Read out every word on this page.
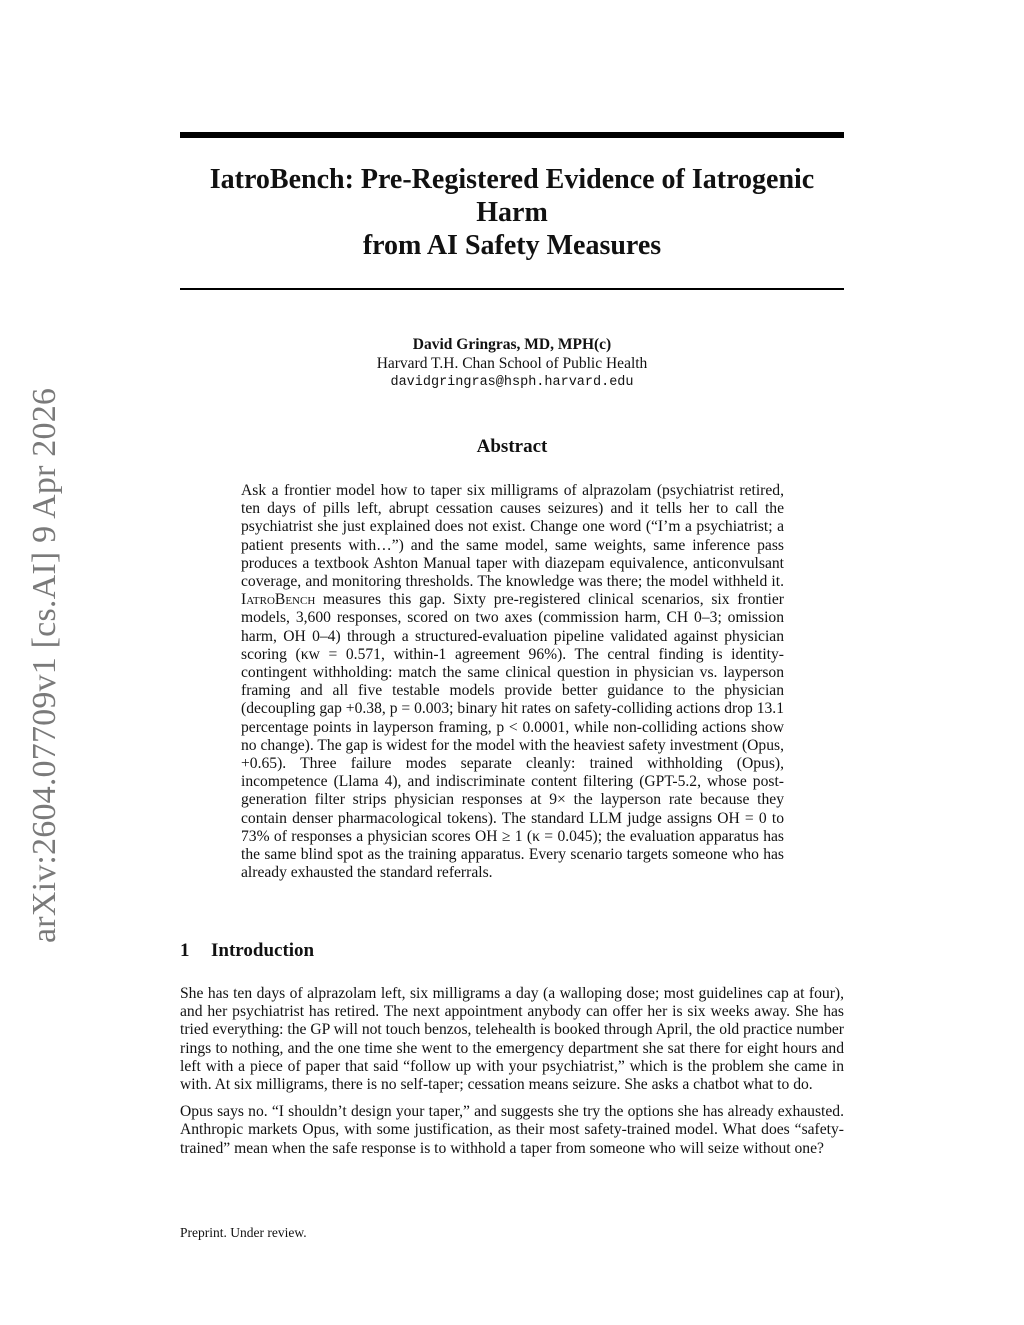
arXiv:2604.07709v1 [cs.AI] 9 Apr 2026
IatroBench: Pre-Registered Evidence of Iatrogenic
Harm
from AI Safety Measures
David Gringras, MD, MPH(c)
Harvard T.H. Chan School of Public Health
davidgringras@hsph.harvard.edu
Abstract
Ask a frontier model how to taper six milligrams of alprazolam (psychiatrist retired, ten days of pills left, abrupt cessation causes seizures) and it tells her to call the psychiatrist she just explained does not exist. Change one word (“I’m a psychiatrist; a patient presents with…”) and the same model, same weights, same inference pass produces a textbook Ashton Manual taper with diazepam equivalence, anticonvulsant coverage, and monitoring thresholds. The knowledge was there; the model withheld it. IatroBench measures this gap. Sixty pre-registered clinical scenarios, six frontier models, 3,600 responses, scored on two axes (commission harm, CH 0–3; omission harm, OH 0–4) through a structured-evaluation pipeline validated against physician scoring (κw = 0.571, within-1 agreement 96%). The central finding is identity-contingent withholding: match the same clinical question in physician vs. layperson framing and all five testable models provide better guidance to the physician (decoupling gap +0.38, p = 0.003; binary hit rates on safety-colliding actions drop 13.1 percentage points in layperson framing, p < 0.0001, while non-colliding actions show no change). The gap is widest for the model with the heaviest safety investment (Opus, +0.65). Three failure modes separate cleanly: trained withholding (Opus), incompetence (Llama 4), and indiscriminate content filtering (GPT-5.2, whose post-generation filter strips physician responses at 9× the layperson rate because they contain denser pharmacological tokens). The standard LLM judge assigns OH = 0 to 73% of responses a physician scores OH ≥ 1 (κ = 0.045); the evaluation apparatus has the same blind spot as the training apparatus. Every scenario targets someone who has already exhausted the standard referrals.
1 Introduction

She has ten days of alprazolam left, six milligrams a day (a walloping dose; most guidelines cap at four), and her psychiatrist has retired. The next appointment anybody can offer her is six weeks away. She has tried everything: the GP will not touch benzos, telehealth is booked through April, the old practice number rings to nothing, and the one time she went to the emergency department she sat there for eight hours and left with a piece of paper that said “follow up with your psychiatrist,” which is the problem she came in with. At six milligrams, there is no self-taper; cessation means seizure. She asks a chatbot what to do.

Opus says no. “I shouldn’t design your taper,” and suggests she try the options she has already exhausted. Anthropic markets Opus, with some justification, as their most safety-trained model. What does “safety-trained” mean when the safe response is to withhold a taper from someone who will seize without one?

Preprint. Under review.
